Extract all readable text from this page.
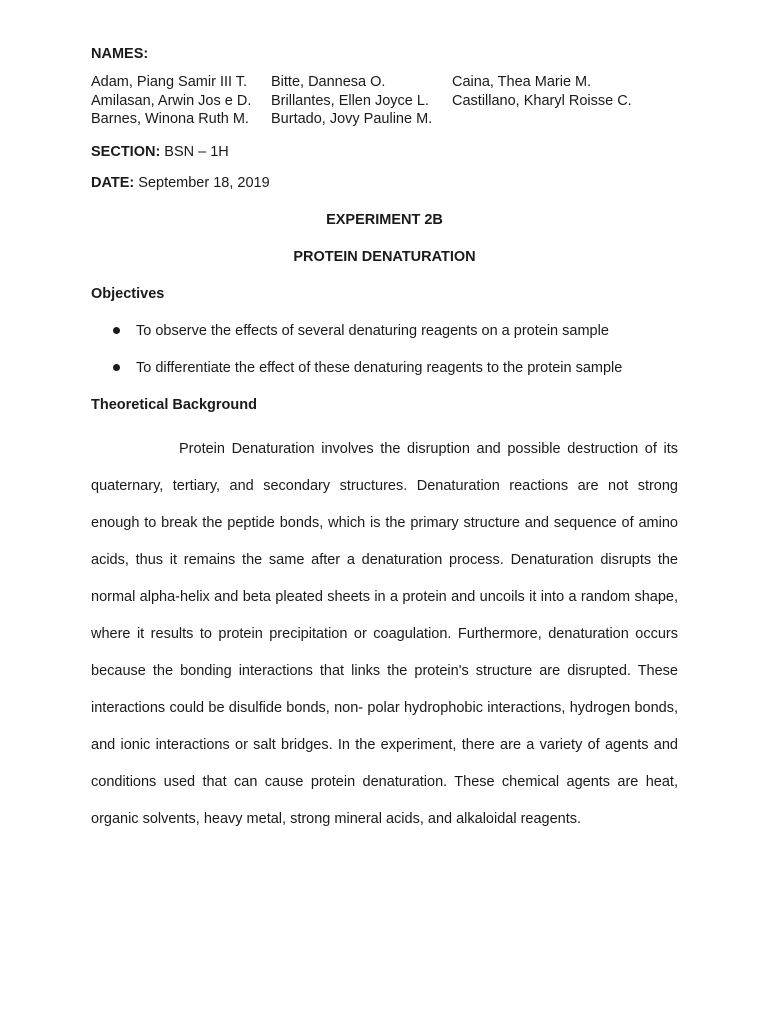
NAMES:
Adam, Piang Samir III T.	Bitte, Dannesa O.	Caina, Thea Marie M.
Amilasan, Arwin Jos e D.	Brillantes, Ellen Joyce L.	Castillano, Kharyl Roisse C.
Barnes, Winona Ruth M.	Burtado, Jovy Pauline M.
SECTION: BSN – 1H
DATE: September 18, 2019
EXPERIMENT 2B
PROTEIN DENATURATION
Objectives
To observe the effects of several denaturing reagents on a protein sample
To differentiate the effect of these denaturing reagents to the protein sample
Theoretical Background

Protein Denaturation involves the disruption and possible destruction of its quaternary, tertiary, and secondary structures. Denaturation reactions are not strong enough to break the peptide bonds, which is the primary structure and sequence of amino acids, thus it remains the same after a denaturation process. Denaturation disrupts the normal alpha-helix and beta pleated sheets in a protein and uncoils it into a random shape, where it results to protein precipitation or coagulation. Furthermore, denaturation occurs because the bonding interactions that links the protein's structure are disrupted. These interactions could be disulfide bonds, non- polar hydrophobic interactions, hydrogen bonds, and ionic interactions or salt bridges. In the experiment, there are a variety of agents and conditions used that can cause protein denaturation. These chemical agents are heat, organic solvents, heavy metal, strong mineral acids, and alkaloidal reagents.
